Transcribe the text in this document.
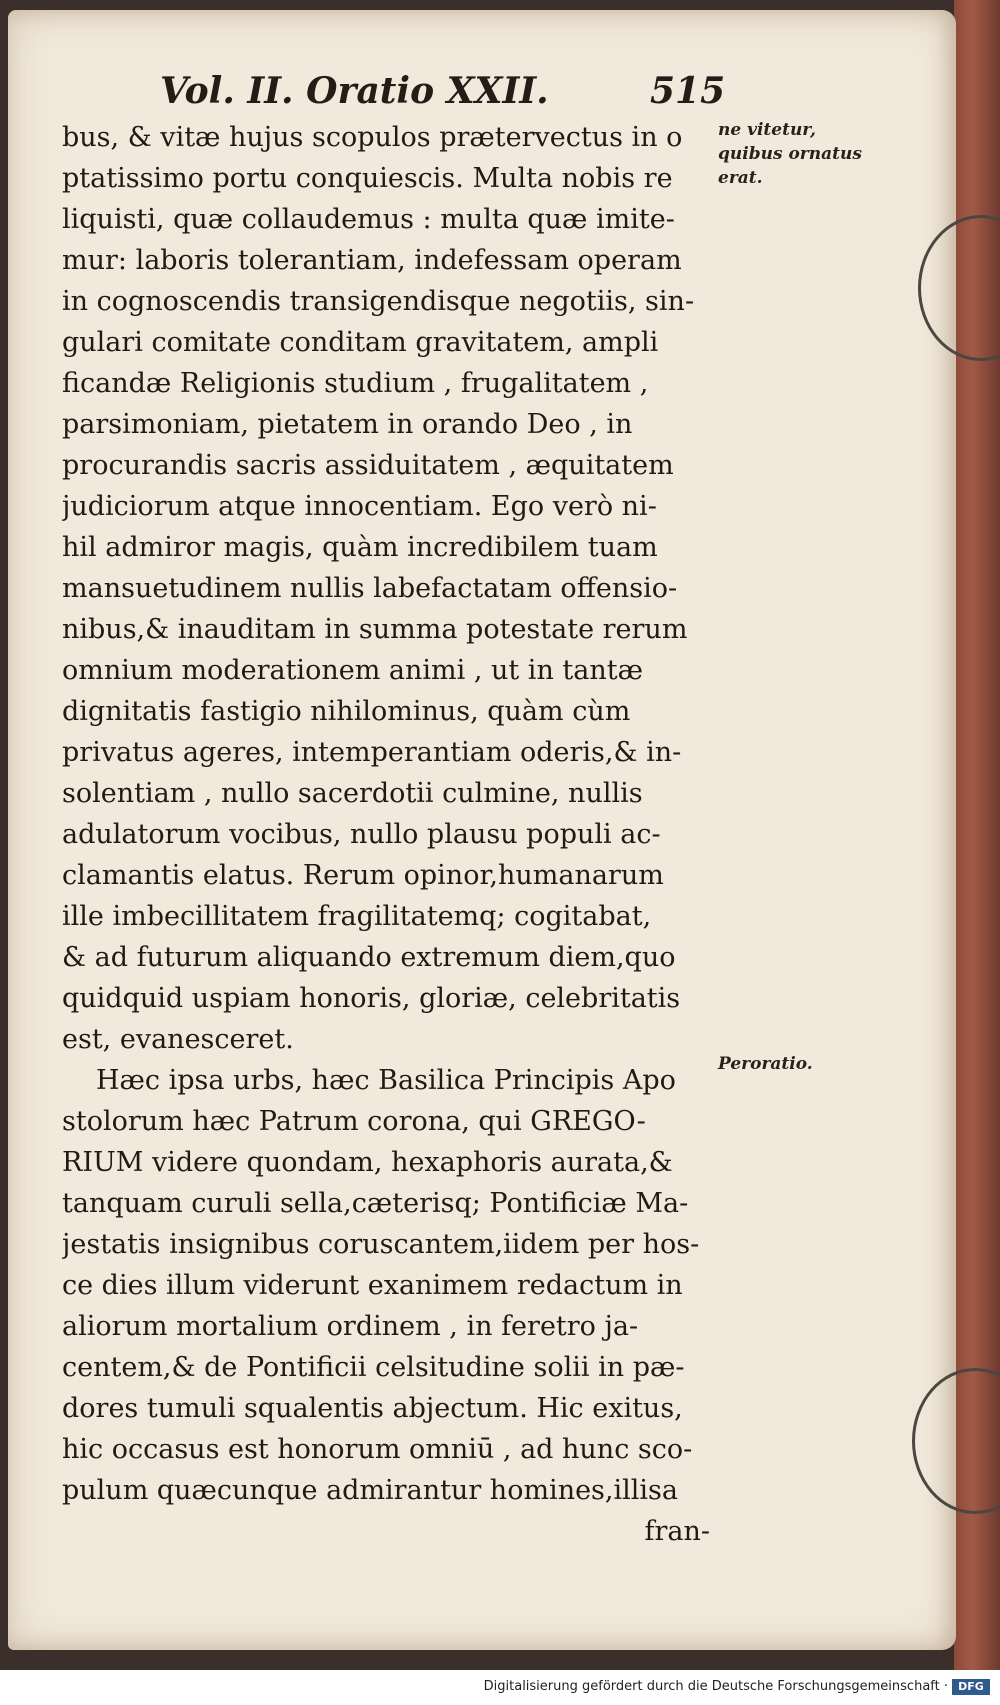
Vol. II. Oratio XXII.	515
ne vitetur, quibus ornatus erat.
Peroratio.
bus, & vitæ hujus scopulos prætervectus in o
ptatissimo portu conquiescis. Multa nobis re
liquisti, quæ collaudemus : multa quæ imite-
mur: laboris tolerantiam, indefessam operam
in cognoscendis transigendisque negotiis, sin-
gulari comitate conditam gravitatem, ampli
ficandæ Religionis studium , frugalitatem ,
parsimoniam, pietatem in orando Deo , in
procurandis sacris assiduitatem , æquitatem
judiciorum atque innocentiam. Ego verò ni-
hil admiror magis, quàm incredibilem tuam
mansuetudinem nullis labefactatam offensio-
nibus,& inauditam in summa potestate rerum
omnium moderationem animi , ut in tantæ
dignitatis fastigio nihilominus, quàm cùm
privatus ageres, intemperantiam oderis,& in-
solentiam , nullo sacerdotii culmine, nullis
adulatorum vocibus, nullo plausu populi ac-
clamantis elatus. Rerum opinor,humanarum
ille imbecillitatem fragilitatemq; cogitabat,
& ad futurum aliquando extremum diem,quo
quidquid uspiam honoris, gloriæ, celebritatis
est, evanesceret.
Hæc ipsa urbs, hæc Basilica Principis Apo
stolorum hæc Patrum corona, qui GREGO-
RIUM videre quondam, hexaphoris aurata,&
tanquam curuli sella,cæterisq; Pontificiæ Ma-
jestatis insignibus coruscantem,iidem per hos-
ce dies illum viderunt exanimem redactum in
aliorum mortalium ordinem , in feretro ja-
centem,& de Pontificii celsitudine solii in pæ-
dores tumuli squalentis abjectum. Hic exitus,
hic occasus est honorum omniū , ad hunc sco-
pulum quæcunque admirantur homines,illisa
fran-
Digitalisierung gefördert durch die Deutsche Forschungsgemeinschaft · DFG
